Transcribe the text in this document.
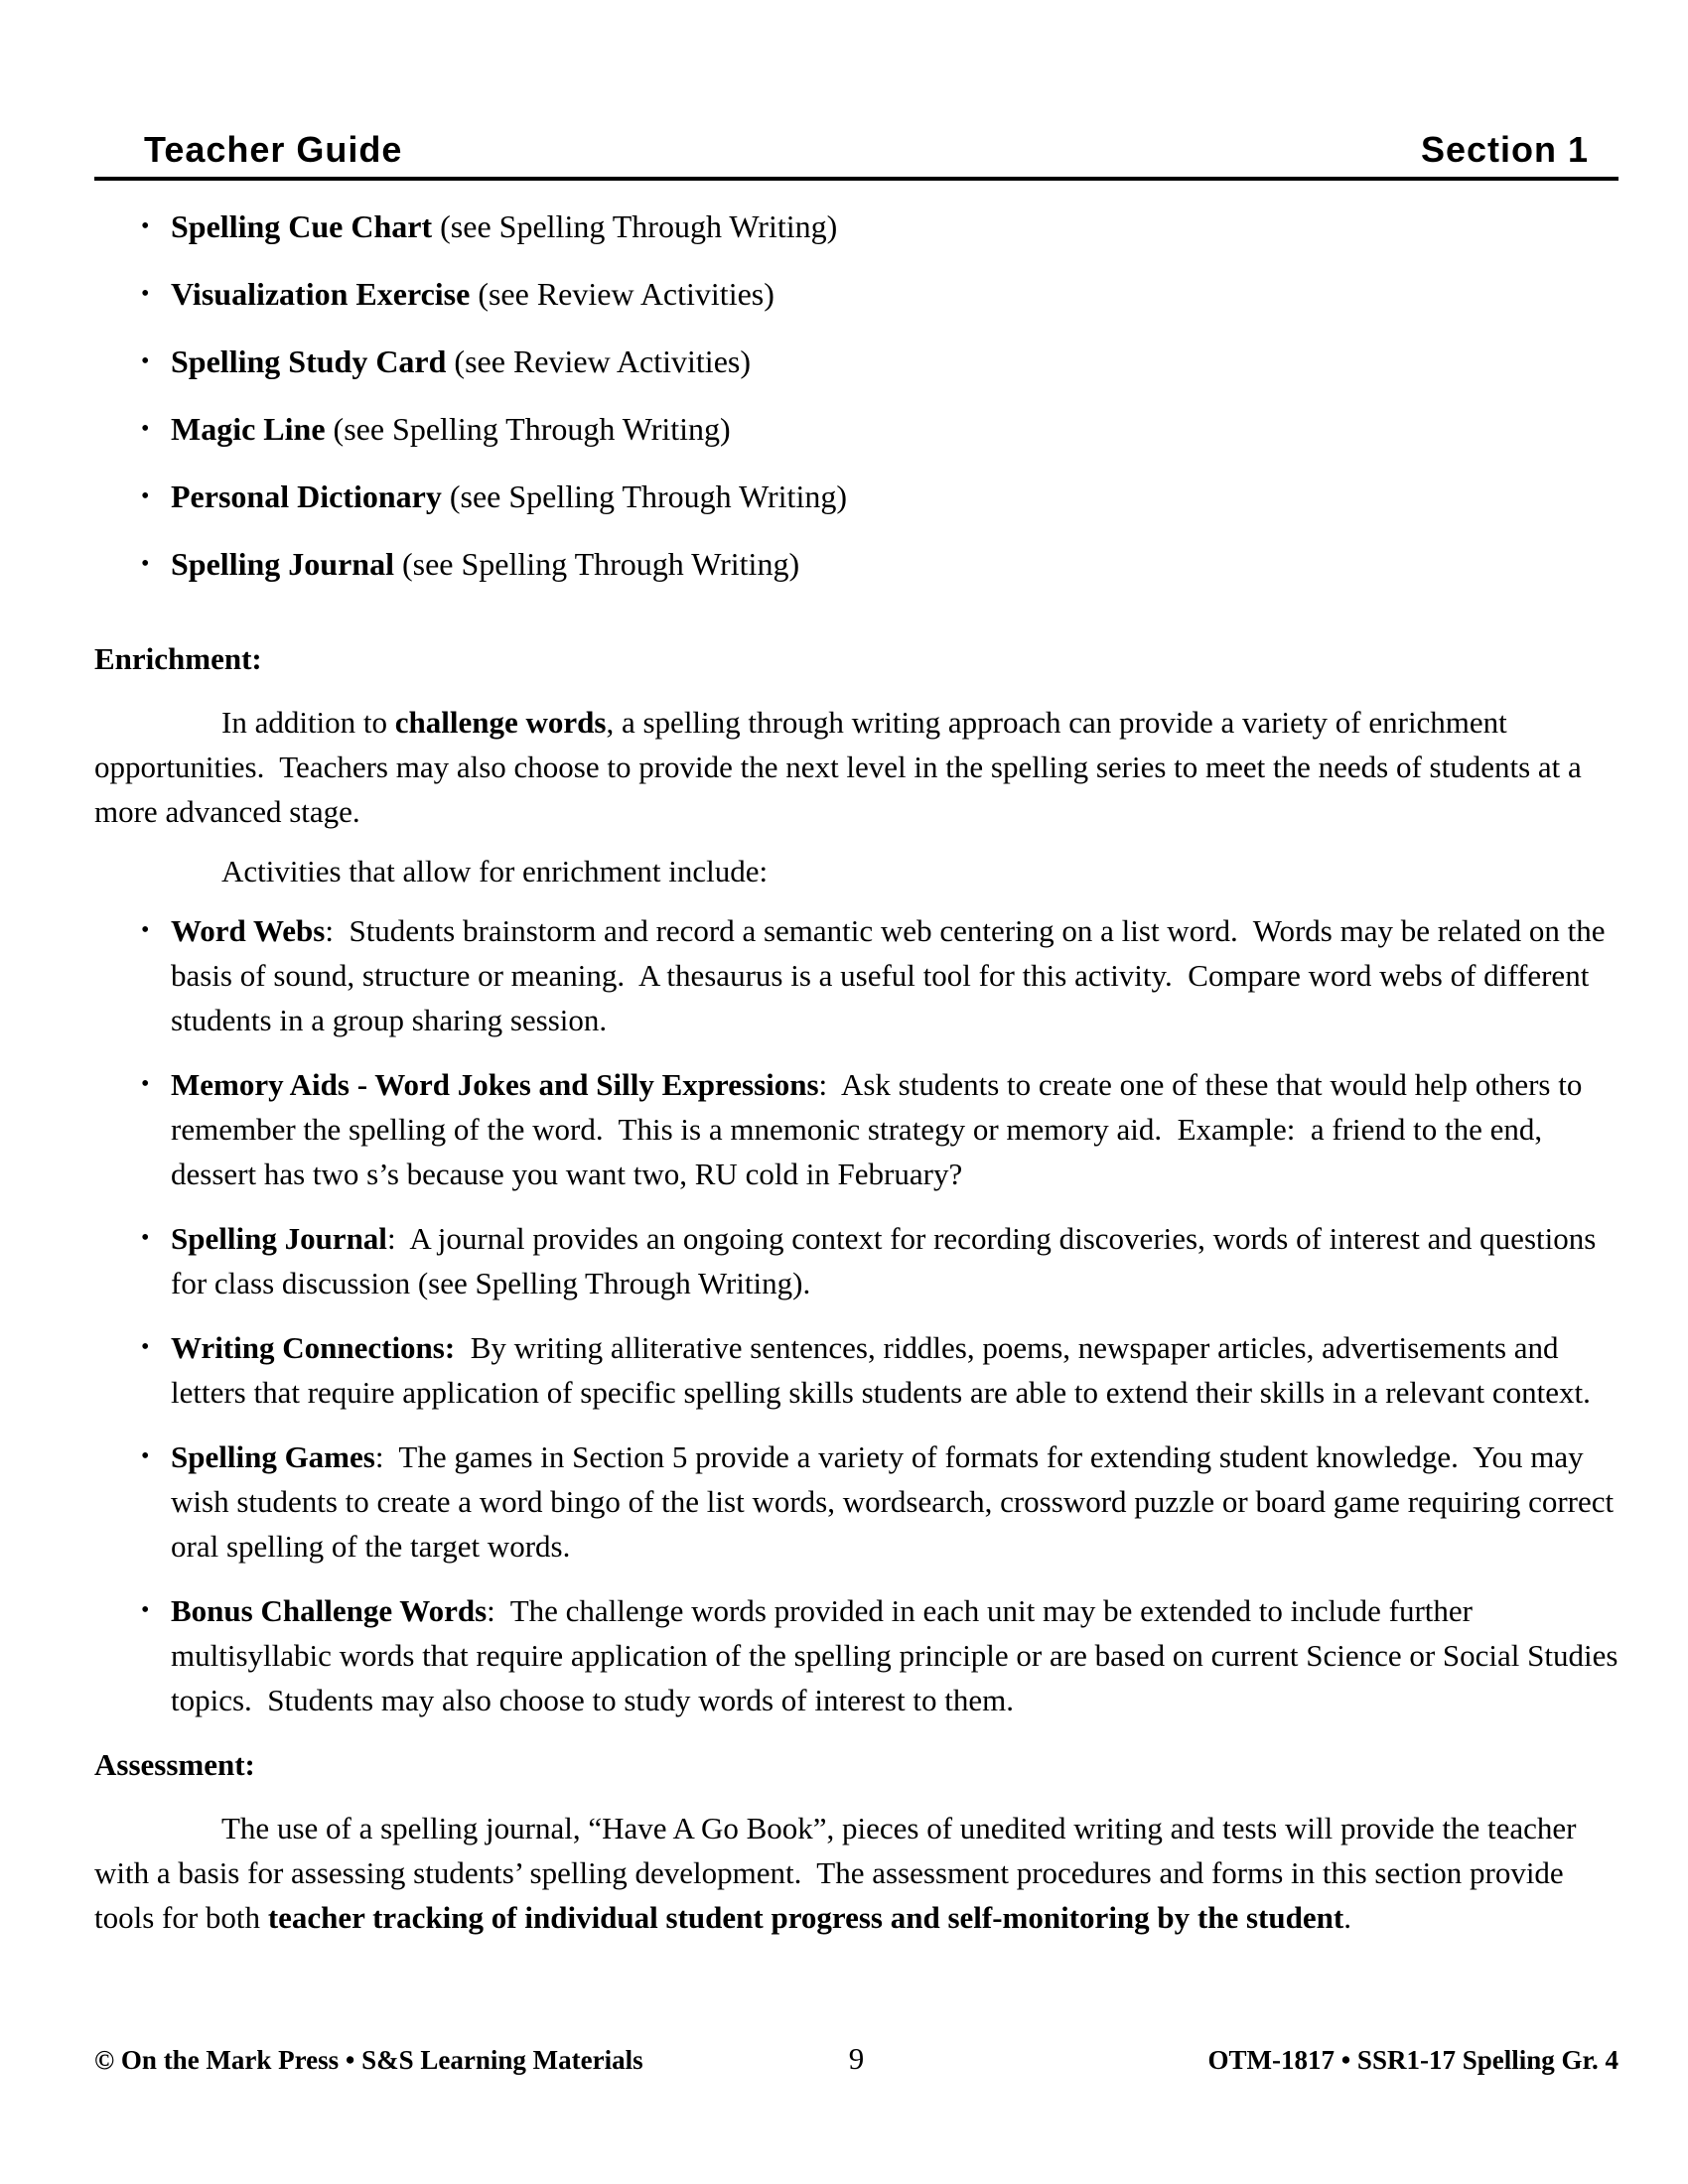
Teacher Guide	Section 1
• Spelling Cue Chart (see Spelling Through Writing)
• Visualization Exercise (see Review Activities)
• Spelling Study Card (see Review Activities)
• Magic Line (see Spelling Through Writing)
• Personal Dictionary (see Spelling Through Writing)
• Spelling Journal (see Spelling Through Writing)
Enrichment:

In addition to challenge words, a spelling through writing approach can provide a variety of enrichment opportunities.  Teachers may also choose to provide the next level in the spelling series to meet the needs of students at a more advanced stage.

Activities that allow for enrichment include:

• Word Webs:  Students brainstorm and record a semantic web centering on a list word.  Words may be related on the basis of sound, structure or meaning.  A thesaurus is a useful tool for this activity.  Compare word webs of different students in a group sharing session.
• Memory Aids - Word Jokes and Silly Expressions:  Ask students to create one of these that would help others to remember the spelling of the word.  This is a mnemonic strategy or memory aid.  Example:  a friend to the end, dessert has two s’s because you want two, RU cold in February?
• Spelling Journal:  A journal provides an ongoing context for recording discoveries, words of interest and questions for class discussion (see Spelling Through Writing).
• Writing Connections:  By writing alliterative sentences, riddles, poems, newspaper articles, advertisements and letters that require application of specific spelling skills students are able to extend their skills in a relevant context.
• Spelling Games:  The games in Section 5 provide a variety of formats for extending student knowledge.  You may wish students to create a word bingo of the list words, wordsearch, crossword puzzle or board game requiring correct oral spelling of the target words.
• Bonus Challenge Words:  The challenge words provided in each unit may be extended to include further multisyllabic words that require application of the spelling principle or are based on current Science or Social Studies topics.  Students may also choose to study words of interest to them.
Assessment:

The use of a spelling journal, “Have A Go Book”, pieces of unedited writing and tests will provide the teacher with a basis for assessing students’ spelling development.  The assessment procedures and forms in this section provide tools for both teacher tracking of individual student progress and self-monitoring by the student.

© On the Mark Press • S&S Learning Materials	9	OTM-1817 • SSR1-17 Spelling Gr. 4
